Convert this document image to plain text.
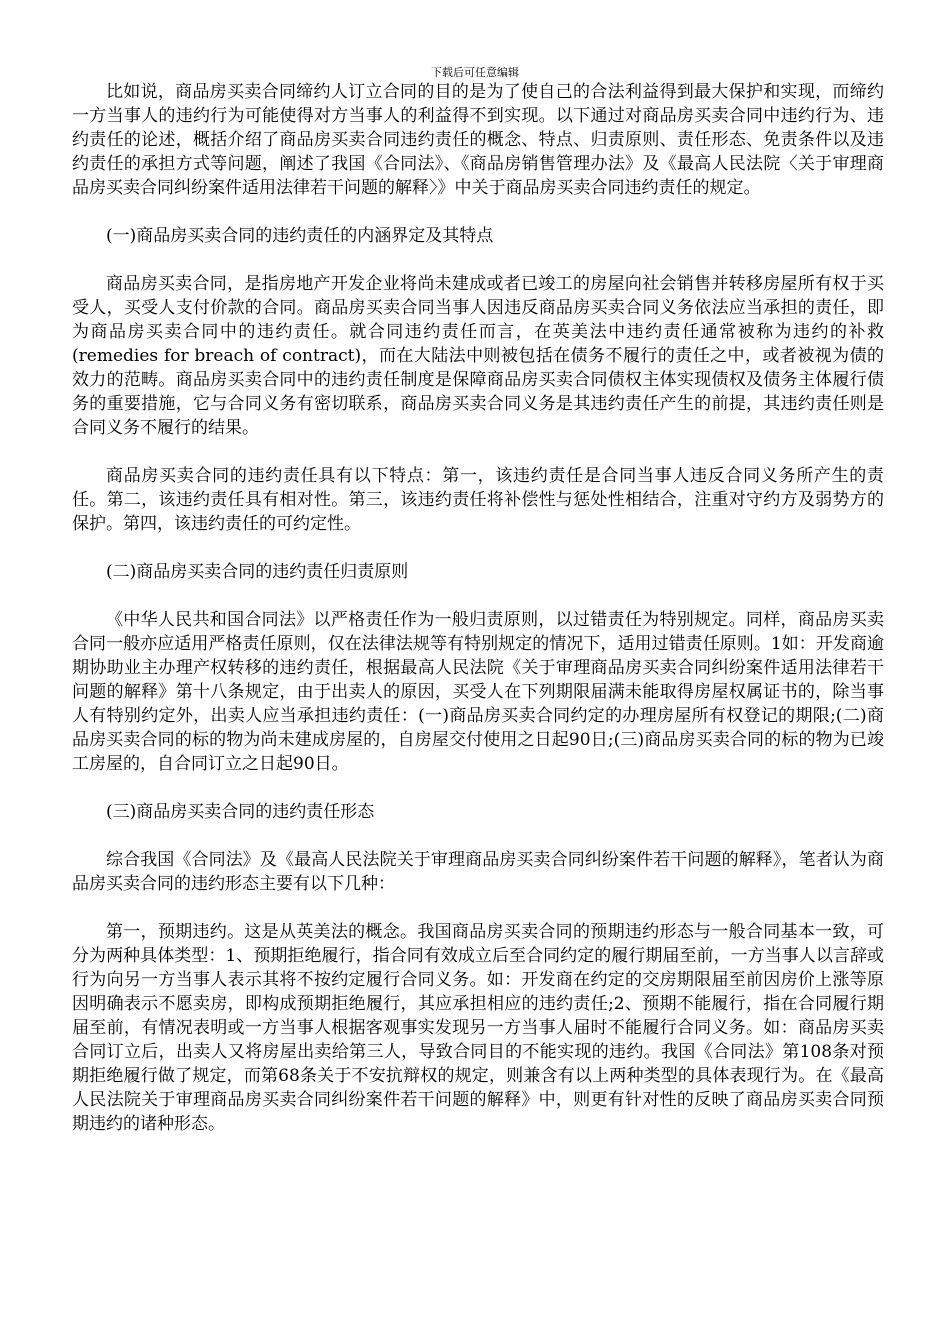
下载后可任意编辑

比如说，商品房买卖合同缔约人订立合同的目的是为了使自己的合法利益得到最大保护和实现，而缔约一方当事人的违约行为可能使得对方当事人的利益得不到实现。以下通过对商品房买卖合同中违约行为、违约责任的论述，概括介绍了商品房买卖合同违约责任的概念、特点、归责原则、责任形态、免责条件以及违约责任的承担方式等问题，阐述了我国《合同法》、《商品房销售管理办法》及《最高人民法院〈关于审理商品房买卖合同纠纷案件适用法律若干问题的解释〉》中关于商品房买卖合同违约责任的规定。

(一)商品房买卖合同的违约责任的内涵界定及其特点

商品房买卖合同，是指房地产开发企业将尚未建成或者已竣工的房屋向社会销售并转移房屋所有权于买受人，买受人支付价款的合同。商品房买卖合同当事人因违反商品房买卖合同义务依法应当承担的责任，即为商品房买卖合同中的违约责任。就合同违约责任而言，在英美法中违约责任通常被称为违约的补救(remedies for breach of contract)，而在大陆法中则被包括在债务不履行的责任之中，或者被视为债的效力的范畴。商品房买卖合同中的违约责任制度是保障商品房买卖合同债权主体实现债权及债务主体履行债务的重要措施，它与合同义务有密切联系，商品房买卖合同义务是其违约责任产生的前提，其违约责任则是合同义务不履行的结果。

商品房买卖合同的违约责任具有以下特点：第一，该违约责任是合同当事人违反合同义务所产生的责任。第二，该违约责任具有相对性。第三，该违约责任将补偿性与惩处性相结合，注重对守约方及弱势方的保护。第四，该违约责任的可约定性。

(二)商品房买卖合同的违约责任归责原则

《中华人民共和国合同法》以严格责任作为一般归责原则，以过错责任为特别规定。同样，商品房买卖合同一般亦应适用严格责任原则，仅在法律法规等有特别规定的情况下，适用过错责任原则。1如：开发商逾期协助业主办理产权转移的违约责任，根据最高人民法院《关于审理商品房买卖合同纠纷案件适用法律若干问题的解释》第十八条规定，由于出卖人的原因，买受人在下列期限届满未能取得房屋权属证书的，除当事人有特别约定外，出卖人应当承担违约责任：(一)商品房买卖合同约定的办理房屋所有权登记的期限;(二)商品房买卖合同的标的物为尚未建成房屋的，自房屋交付使用之日起90日;(三)商品房买卖合同的标的物为已竣工房屋的，自合同订立之日起90日。

(三)商品房买卖合同的违约责任形态

综合我国《合同法》及《最高人民法院关于审理商品房买卖合同纠纷案件若干问题的解释》，笔者认为商品房买卖合同的违约形态主要有以下几种：

第一，预期违约。这是从英美法的概念。我国商品房买卖合同的预期违约形态与一般合同基本一致，可分为两种具体类型：1、预期拒绝履行，指合同有效成立后至合同约定的履行期届至前，一方当事人以言辞或行为向另一方当事人表示其将不按约定履行合同义务。如：开发商在约定的交房期限届至前因房价上涨等原因明确表示不愿卖房，即构成预期拒绝履行，其应承担相应的违约责任;2、预期不能履行，指在合同履行期届至前，有情况表明或一方当事人根据客观事实发现另一方当事人届时不能履行合同义务。如：商品房买卖合同订立后，出卖人又将房屋出卖给第三人，导致合同目的不能实现的违约。我国《合同法》第108条对预期拒绝履行做了规定，而第68条关于不安抗辩权的规定，则兼含有以上两种类型的具体表现行为。在《最高人民法院关于审理商品房买卖合同纠纷案件若干问题的解释》中，则更有针对性的反映了商品房买卖合同预期违约的诸种形态。
